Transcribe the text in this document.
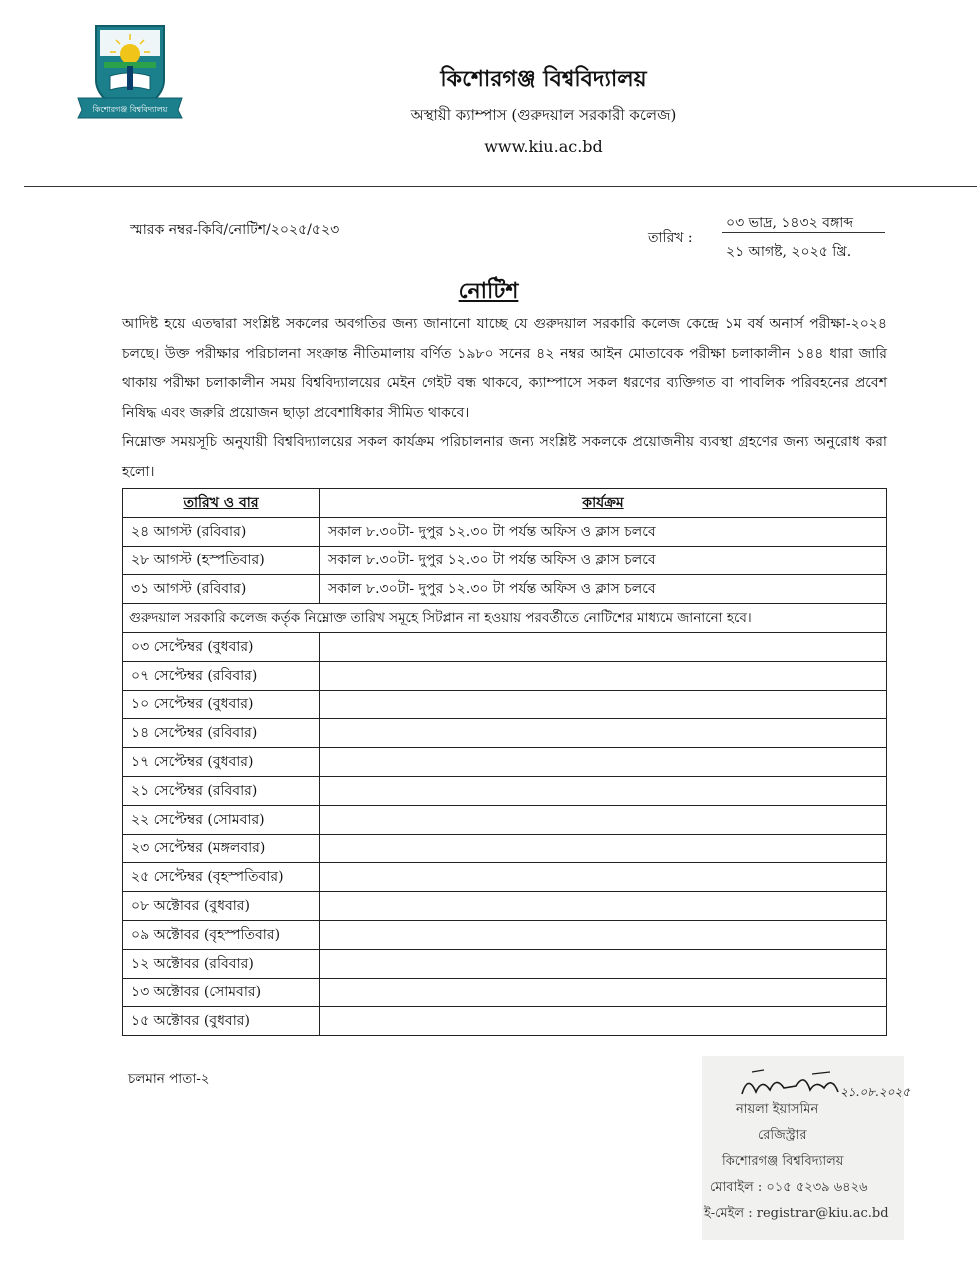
কিশোরগঞ্জ বিশ্ববিদ্যালয়
কিশোরগঞ্জ বিশ্ববিদ্যালয়
অস্থায়ী ক্যাম্পাস (গুরুদয়াল সরকারী কলেজ)
www.kiu.ac.bd
স্মারক নম্বর-কিবি/নোটিশ/২০২৫/৫২৩	তারিখ :
০৩ ভাদ্র, ১৪৩২ বঙ্গাব্দ
২১ আগষ্ট, ২০২৫ খ্রি.
নোটিশ
আদিষ্ট হয়ে এতদ্বারা সংশ্লিষ্ট সকলের অবগতির জন্য জানানো যাচ্ছে যে গুরুদয়াল সরকারি কলেজ কেন্দ্রে ১ম বর্ষ অনার্স পরীক্ষা-২০২৪ চলছে। উক্ত পরীক্ষার পরিচালনা সংক্রান্ত নীতিমালায় বর্ণিত ১৯৮০ সনের ৪২ নম্বর আইন মোতাবেক পরীক্ষা চলাকালীন ১৪৪ ধারা জারি থাকায় পরীক্ষা চলাকালীন সময় বিশ্ববিদ্যালয়ের মেইন গেইট বন্ধ থাকবে, ক্যাম্পাসে সকল ধরণের ব্যক্তিগত বা পাবলিক পরিবহনের প্রবেশ নিষিদ্ধ এবং জরুরি প্রয়োজন ছাড়া প্রবেশাধিকার সীমিত থাকবে।
নিম্নোক্ত সময়সূচি অনুযায়ী বিশ্ববিদ্যালয়ের সকল কার্যক্রম পরিচালনার জন্য সংশ্লিষ্ট সকলকে প্রয়োজনীয় ব্যবস্থা গ্রহণের জন্য অনুরোধ করা হলো।
তারিখ ও বার	কার্যক্রম
২৪ আগস্ট (রবিবার)	সকাল ৮.৩০টা- দুপুর ১২.৩০ টা পর্যন্ত অফিস ও ক্লাস চলবে
২৮ আগস্ট (হস্পতিবার)	সকাল ৮.৩০টা- দুপুর ১২.৩০ টা পর্যন্ত অফিস ও ক্লাস চলবে
৩১ আগস্ট (রবিবার)	সকাল ৮.৩০টা- দুপুর ১২.৩০ টা পর্যন্ত অফিস ও ক্লাস চলবে
গুরুদয়াল সরকারি কলেজ কর্তৃক নিম্নোক্ত তারিখ সমূহে সিটপ্লান না হওয়ায় পরবর্তীতে নোটিশের মাধ্যমে জানানো হবে।	
০৩ সেপ্টেম্বর (বুধবার)	
০৭ সেপ্টেম্বর (রবিবার)	
১০ সেপ্টেম্বর (বুধবার)	
১৪ সেপ্টেম্বর (রবিবার)	
১৭ সেপ্টেম্বর (বুধবার)	
২১ সেপ্টেম্বর (রবিবার)	
২২ সেপ্টেম্বর (সোমবার)	
২৩ সেপ্টেম্বর (মঙ্গলবার)	
২৫ সেপ্টেম্বর (বৃহস্পতিবার)	
০৮ অক্টোবর (বুধবার)	
০৯ অক্টোবর (বৃহস্পতিবার)	
১২ অক্টোবর (রবিবার)	
১৩ অক্টোবর (সোমবার)	
১৫ অক্টোবর (বুধবার)	
চলমান পাতা-২
২১.০৮.২০২৫
নায়লা ইয়াসমিন
রেজিস্ট্রার
কিশোরগঞ্জ বিশ্ববিদ্যালয়
মোবাইল : ০১৫ ৫২৩৯ ৬৪২৬
ই-মেইল : registrar@kiu.ac.bd
